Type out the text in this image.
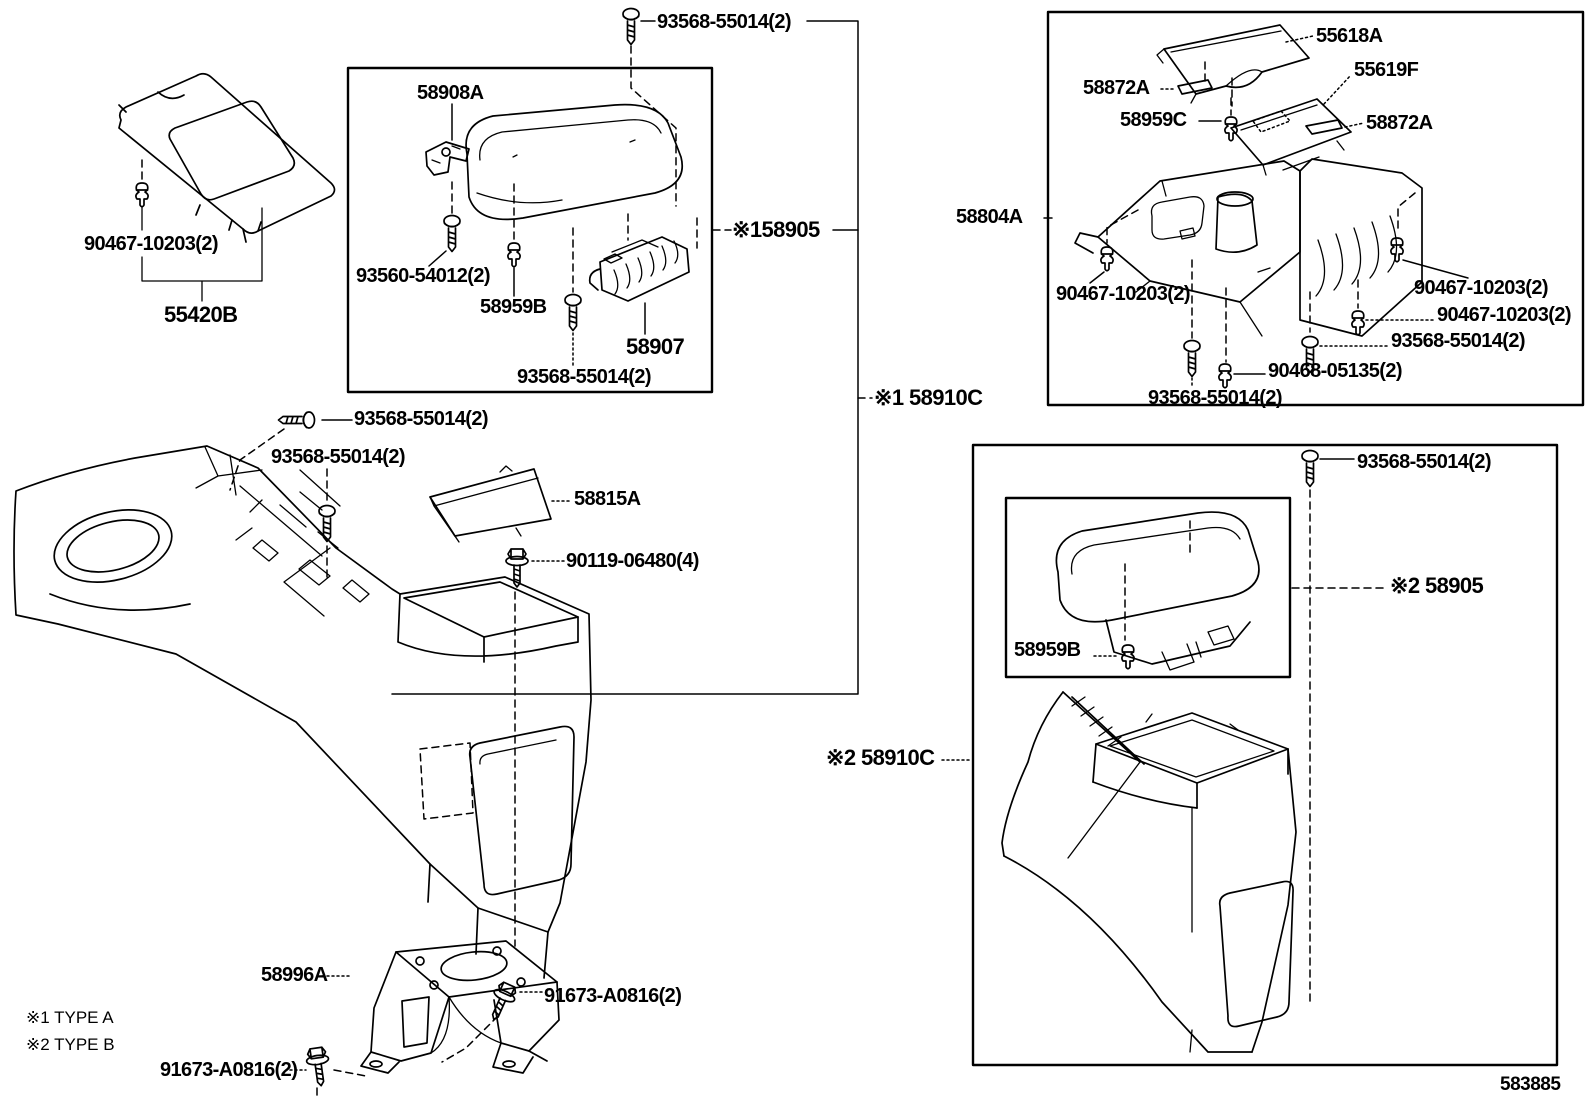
93568-55014(2)
90467-10203(2)
55420B
58908A
93560-54012(2)
58959B
58907
93568-55014(2)
※158905
※1 58910C
93568-55014(2)
93568-55014(2)
58815A
90119-06480(4)
58996A
91673-A0816(2)
91673-A0816(2)
55618A
55619F
58872A
58959C	58872A
58804A
90467-10203(2)	90467-10203(2)
90467-10203(2)
93568-55014(2)
90468-05135(2)
93568-55014(2)
93568-55014(2)
58959B
※2 58905
※2 58910C
※1 TYPE A
※2 TYPE B
583885
